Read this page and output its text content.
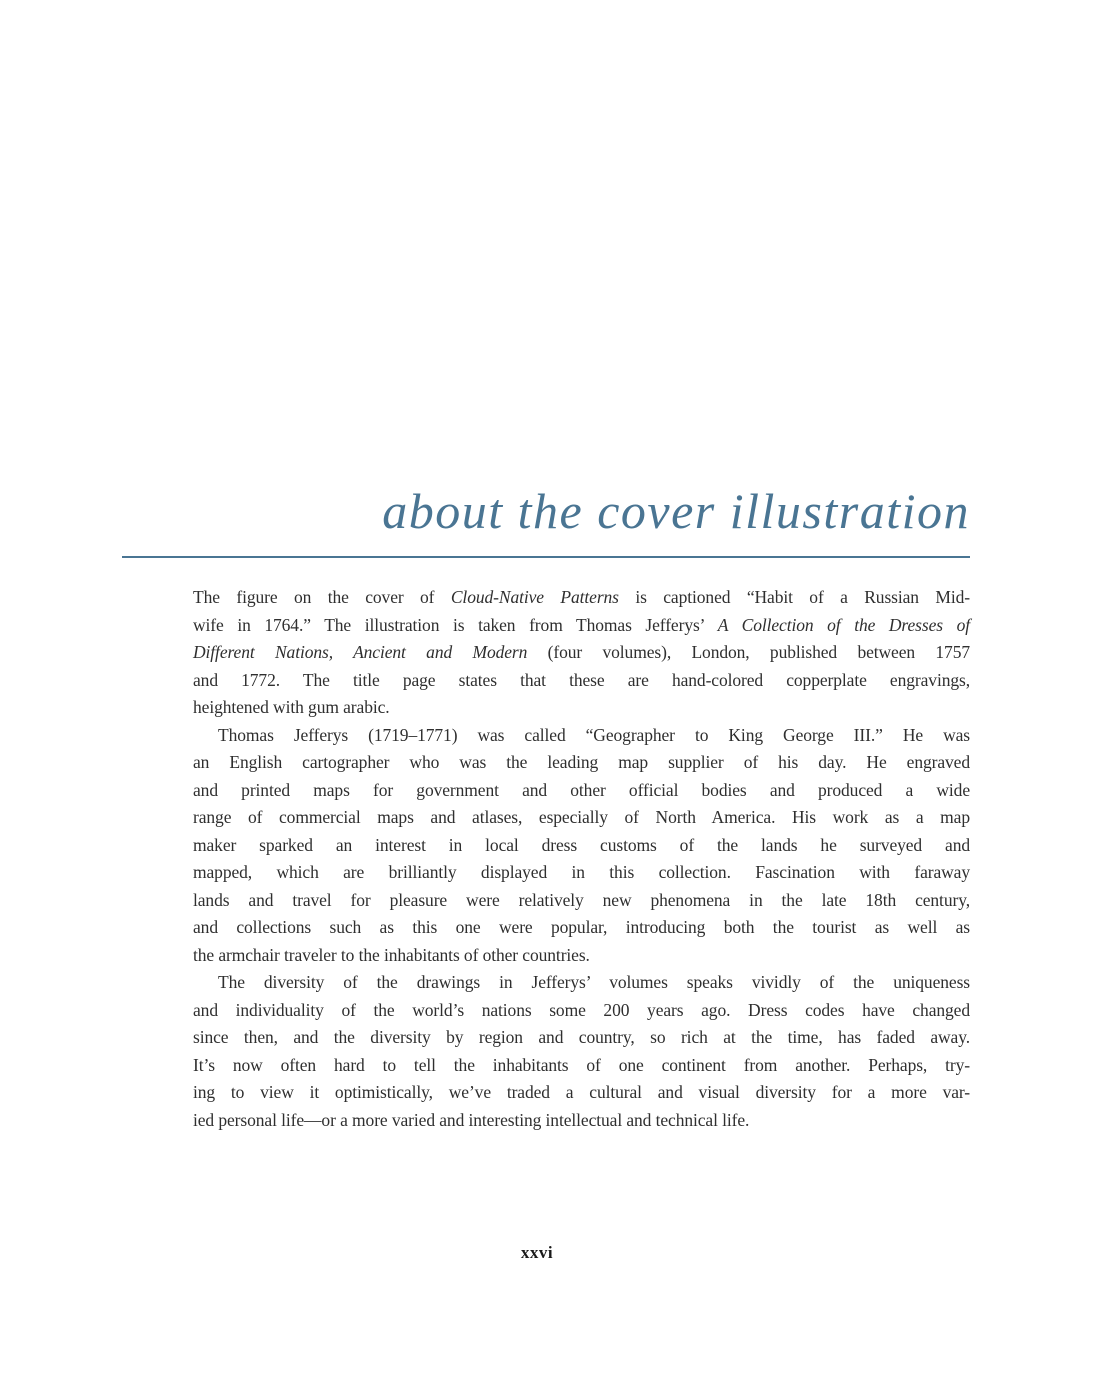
about the cover illustration
The figure on the cover of Cloud-Native Patterns is captioned “Habit of a Russian Mid-
wife in 1764.” The illustration is taken from Thomas Jefferys’ A Collection of the Dresses of
Different Nations, Ancient and Modern (four volumes), London, published between 1757
and 1772. The title page states that these are hand-colored copperplate engravings,
heightened with gum arabic.
Thomas Jefferys (1719–1771) was called “Geographer to King George III.” He was
an English cartographer who was the leading map supplier of his day. He engraved
and printed maps for government and other official bodies and produced a wide
range of commercial maps and atlases, especially of North America. His work as a map
maker sparked an interest in local dress customs of the lands he surveyed and
mapped, which are brilliantly displayed in this collection. Fascination with faraway
lands and travel for pleasure were relatively new phenomena in the late 18th century,
and collections such as this one were popular, introducing both the tourist as well as
the armchair traveler to the inhabitants of other countries.
The diversity of the drawings in Jefferys’ volumes speaks vividly of the uniqueness
and individuality of the world’s nations some 200 years ago. Dress codes have changed
since then, and the diversity by region and country, so rich at the time, has faded away.
It’s now often hard to tell the inhabitants of one continent from another. Perhaps, try-
ing to view it optimistically, we’ve traded a cultural and visual diversity for a more var-
ied personal life—or a more varied and interesting intellectual and technical life.
xxvi
